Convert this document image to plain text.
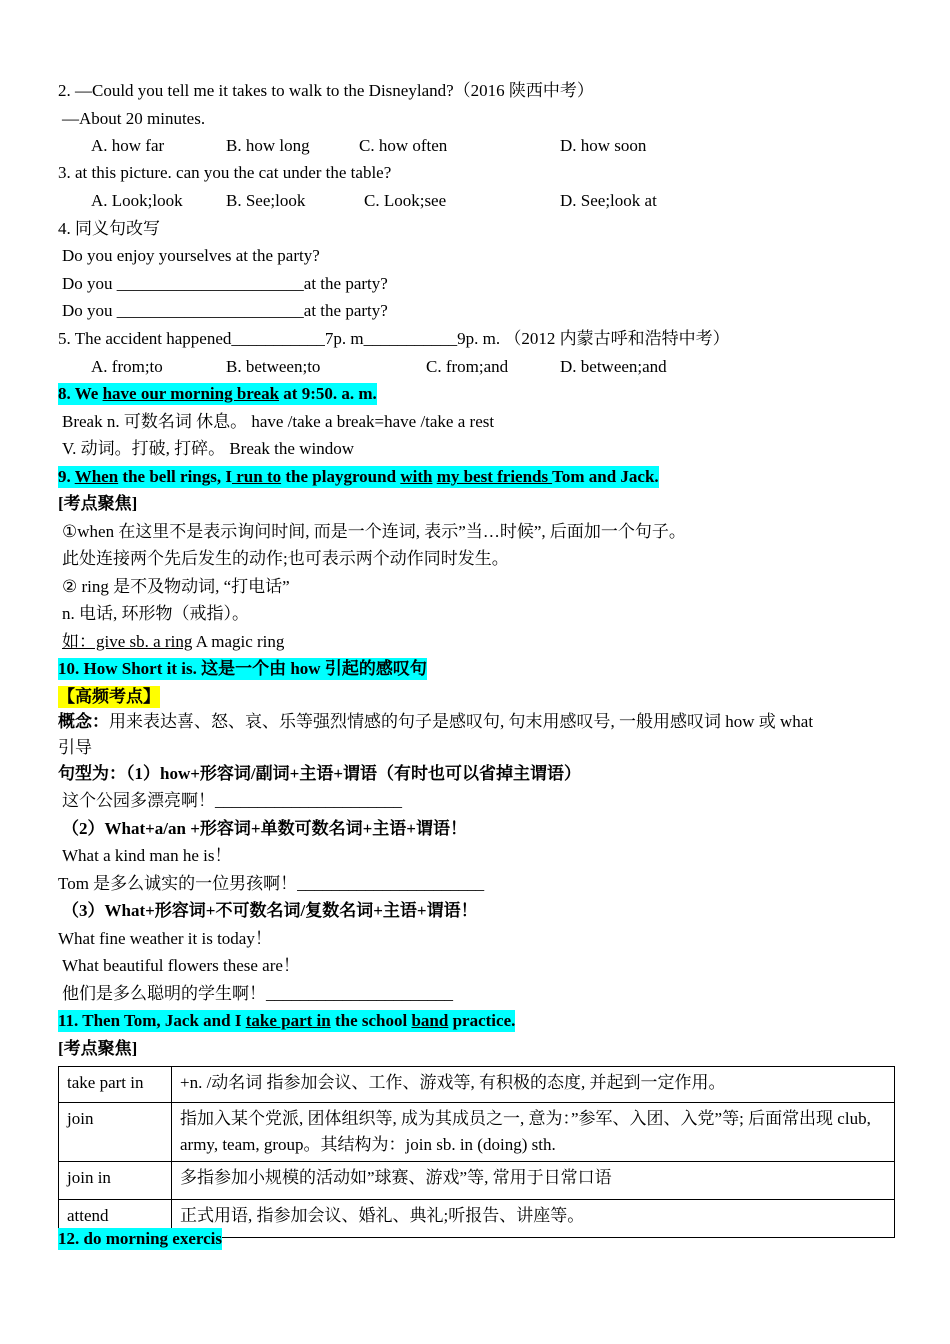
2. —Could you tell me it takes to walk to the Disneyland?（2016 陕西中考）
—About 20 minutes.
A. how far	B. how long	C. how often	D. how soon
3. at this picture. can you the cat under the table?
A. Look;look	B. See;look	C. Look;see	D. See;look at
4. 同义句改写
Do you enjoy yourselves at the party?
Do you ______________________at the party?
Do you ______________________at the party?
5. The accident happened___________7p. m___________9p. m. （2012 内蒙古呼和浩特中考）
A. from;to	B. between;to	C. from;and	D. between;and
8. We have our morning break at 9:50. a. m.
Break n. 可数名词 休息。 have /take a break=have /take a rest
V. 动词。打破, 打碎。 Break the window
9. When the bell rings, I run to the playground with my best friends Tom and Jack.
[考点聚焦]
①when 在这里不是表示询问时间, 而是一个连词, 表示”当…时候”, 后面加一个句子。
此处连接两个先后发生的动作;也可表示两个动作同时发生。
② ring 是不及物动词, “打电话”
n. 电话, 环形物（戒指）。
如：give sb. a ring A magic ring
10. How Short it is. 这是一个由 how 引起的感叹句
【高频考点】
概念：用来表达喜、怒、哀、乐等强烈情感的句子是感叹句, 句末用感叹号, 一般用感叹词 how 或 what
引导
句型为：（1）how+形容词/副词+主语+谓语（有时也可以省掉主谓语）
这个公园多漂亮啊！______________________
（2）What+a/an +形容词+单数可数名词+主语+谓语！
What a kind man he is！
Tom 是多么诚实的一位男孩啊！______________________
（3）What+形容词+不可数名词/复数名词+主语+谓语！
What fine weather it is today！
What beautiful flowers these are！
他们是多么聪明的学生啊！______________________
11. Then Tom, Jack and I take part in the school band practice.
[考点聚焦]
take part in	+n. /动名词 指参加会议、工作、游戏等, 有积极的态度, 并起到一定作用。
join	指加入某个党派, 团体组织等, 成为其成员之一, 意为：”参军、入团、入党”等; 后面常出现 club, army, team, group。其结构为：join sb. in (doing) sth.
join in	多指参加小规模的活动如”球赛、游戏”等, 常用于日常口语
attend	正式用语, 指参加会议、婚礼、典礼;听报告、讲座等。
12. do morning exercis
